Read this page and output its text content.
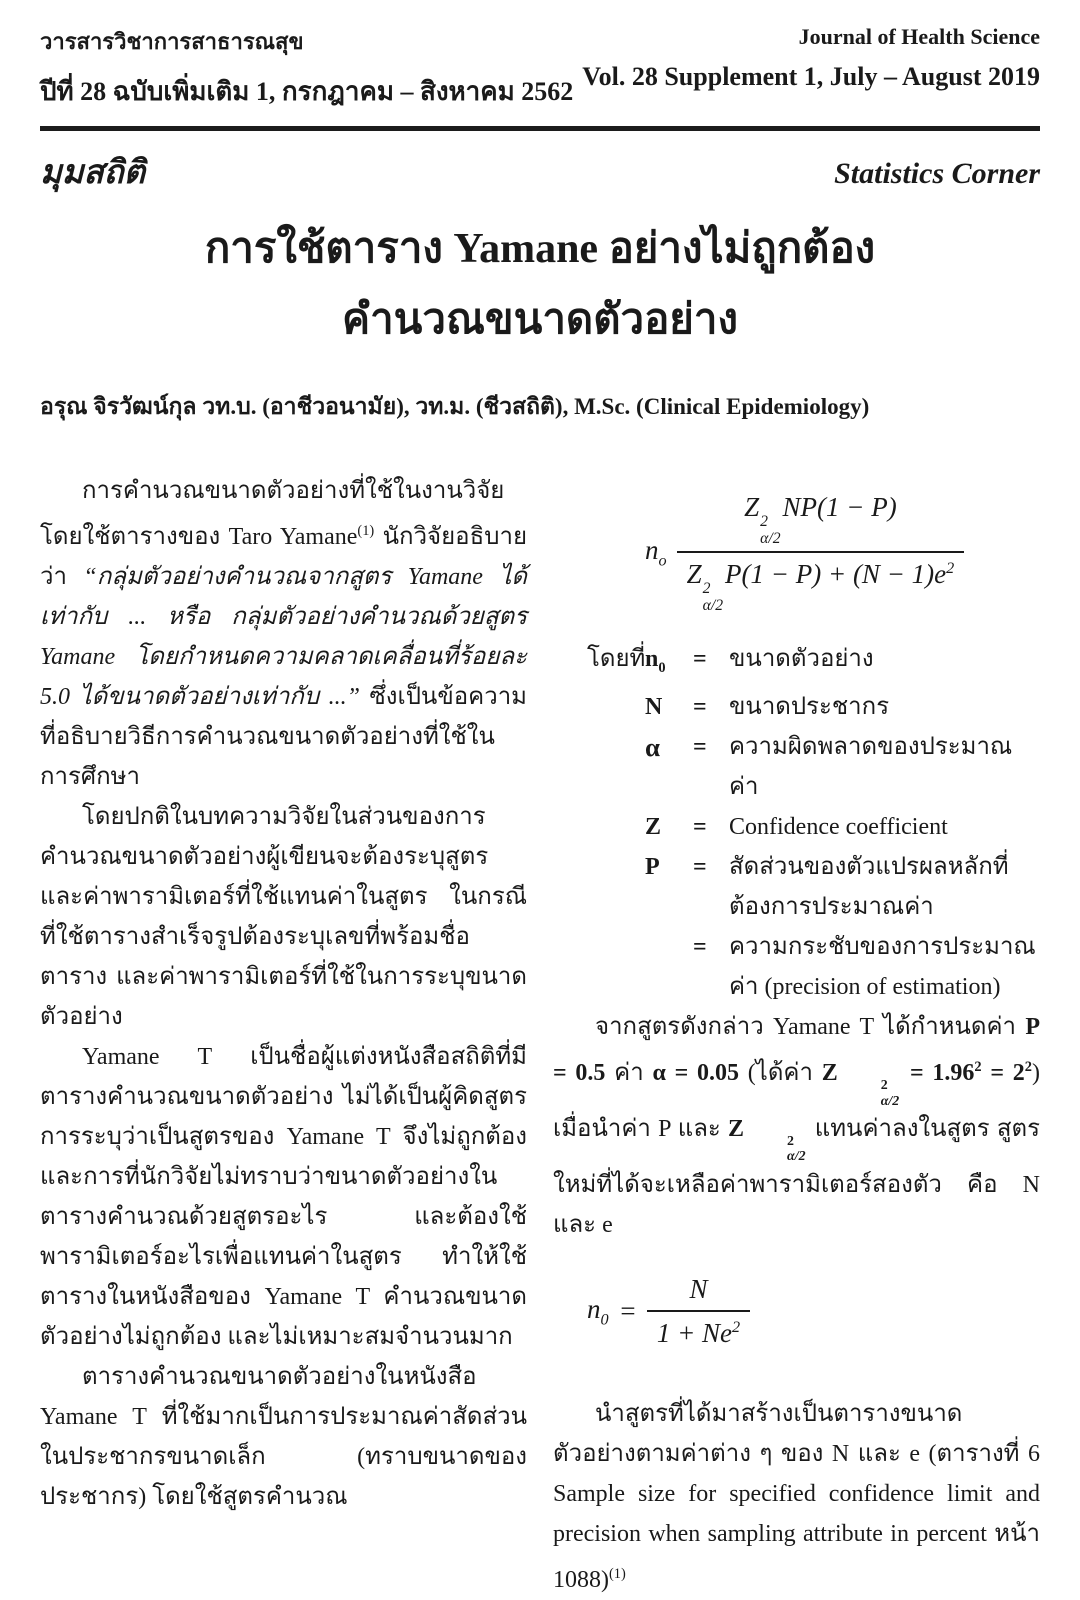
วารสารวิชาการสาธารณสุข
ปีที่ 28 ฉบับเพิ่มเติม 1, กรกฎาคม – สิงหาคม 2562
Journal of Health Science
Vol. 28 Supplement 1, July – August 2019
มุมสถิติ	Statistics Corner
การใช้ตาราง Yamane อย่างไม่ถูกต้อง
คำนวณขนาดตัวอย่าง
อรุณ จิรวัฒน์กุล วท.บ. (อาชีวอนามัย), วท.ม. (ชีวสถิติ), M.Sc. (Clinical Epidemiology)

การคำนวณขนาดตัวอย่างที่ใช้ในงานวิจัยโดยใช้ตารางของ Taro Yamane$^{(1)}$ นักวิจัยอธิบายว่า “กลุ่มตัวอย่างคำนวณจากสูตร Yamane ได้เท่ากับ ... หรือ กลุ่มตัวอย่างคำนวณด้วยสูตร Yamane โดยกำหนดความคลาดเคลื่อนที่ร้อยละ 5.0 ได้ขนาดตัวอย่างเท่ากับ ...” ซึ่งเป็นข้อความที่อธิบายวิธีการคำนวณขนาดตัวอย่างที่ใช้ในการศึกษา

โดยปกติในบทความวิจัยในส่วนของการคำนวณขนาดตัวอย่างผู้เขียนจะต้องระบุสูตร และค่าพารามิเตอร์ที่ใช้แทนค่าในสูตร ในกรณีที่ใช้ตารางสำเร็จรูปต้องระบุเลขที่พร้อมชื่อตาราง และค่าพารามิเตอร์ที่ใช้ในการระบุขนาดตัวอย่าง

Yamane T เป็นชื่อผู้แต่งหนังสือสถิติที่มีตารางคำนวณขนาดตัวอย่าง ไม่ได้เป็นผู้คิดสูตร การระบุว่าเป็นสูตรของ Yamane T จึงไม่ถูกต้อง และการที่นักวิจัยไม่ทราบว่าขนาดตัวอย่างในตารางคำนวณด้วยสูตรอะไร และต้องใช้พารามิเตอร์อะไรเพื่อแทนค่าในสูตร ทำให้ใช้ตารางในหนังสือของ Yamane T คำนวณขนาดตัวอย่างไม่ถูกต้อง และไม่เหมาะสมจำนวนมาก

ตารางคำนวณขนาดตัวอย่างในหนังสือ Yamane T ที่ใช้มากเป็นการประมาณค่าสัดส่วนในประชากรขนาดเล็ก (ทราบขนาดของประชากร) โดยใช้สูตรคำนวณ

$n_o$ Z 2
α/2
NP(1 − P)
Z 2
α/2
$P(1 - P) + (N - 1)e^2$
โดยที่ $n_0$	= ขนาดตัวอย่าง
N	= ขนาดประชากร
α	= ความผิดพลาดของประมาณค่า
Z	= Confidence coefficient
P	= สัดส่วนของตัวแปรผลหลักที่ต้องการประมาณค่า
= ความกระชับของการประมาณค่า (precision of estimation)

จากสูตรดังกล่าว Yamane T ได้กำหนดค่า P = 0.5 ค่า α = 0.05 (ได้ค่า Z	2
α/2
= 1.96$^2$ = 2$^2$) เมื่อนำค่า P และ Z	2
α/2
แทนค่าลงในสูตร สูตรใหม่ที่ได้จะเหลือค่าพารามิเตอร์สองตัว คือ N และ e

$n_0 = \frac{N}{1 + Ne^2}$

นำสูตรที่ได้มาสร้างเป็นตารางขนาดตัวอย่างตามค่าต่าง ๆ ของ N และ e (ตารางที่ 6 Sample size for specified confidence limit and precision when sampling attribute in percent หน้า 1088)$^{(1)}$
